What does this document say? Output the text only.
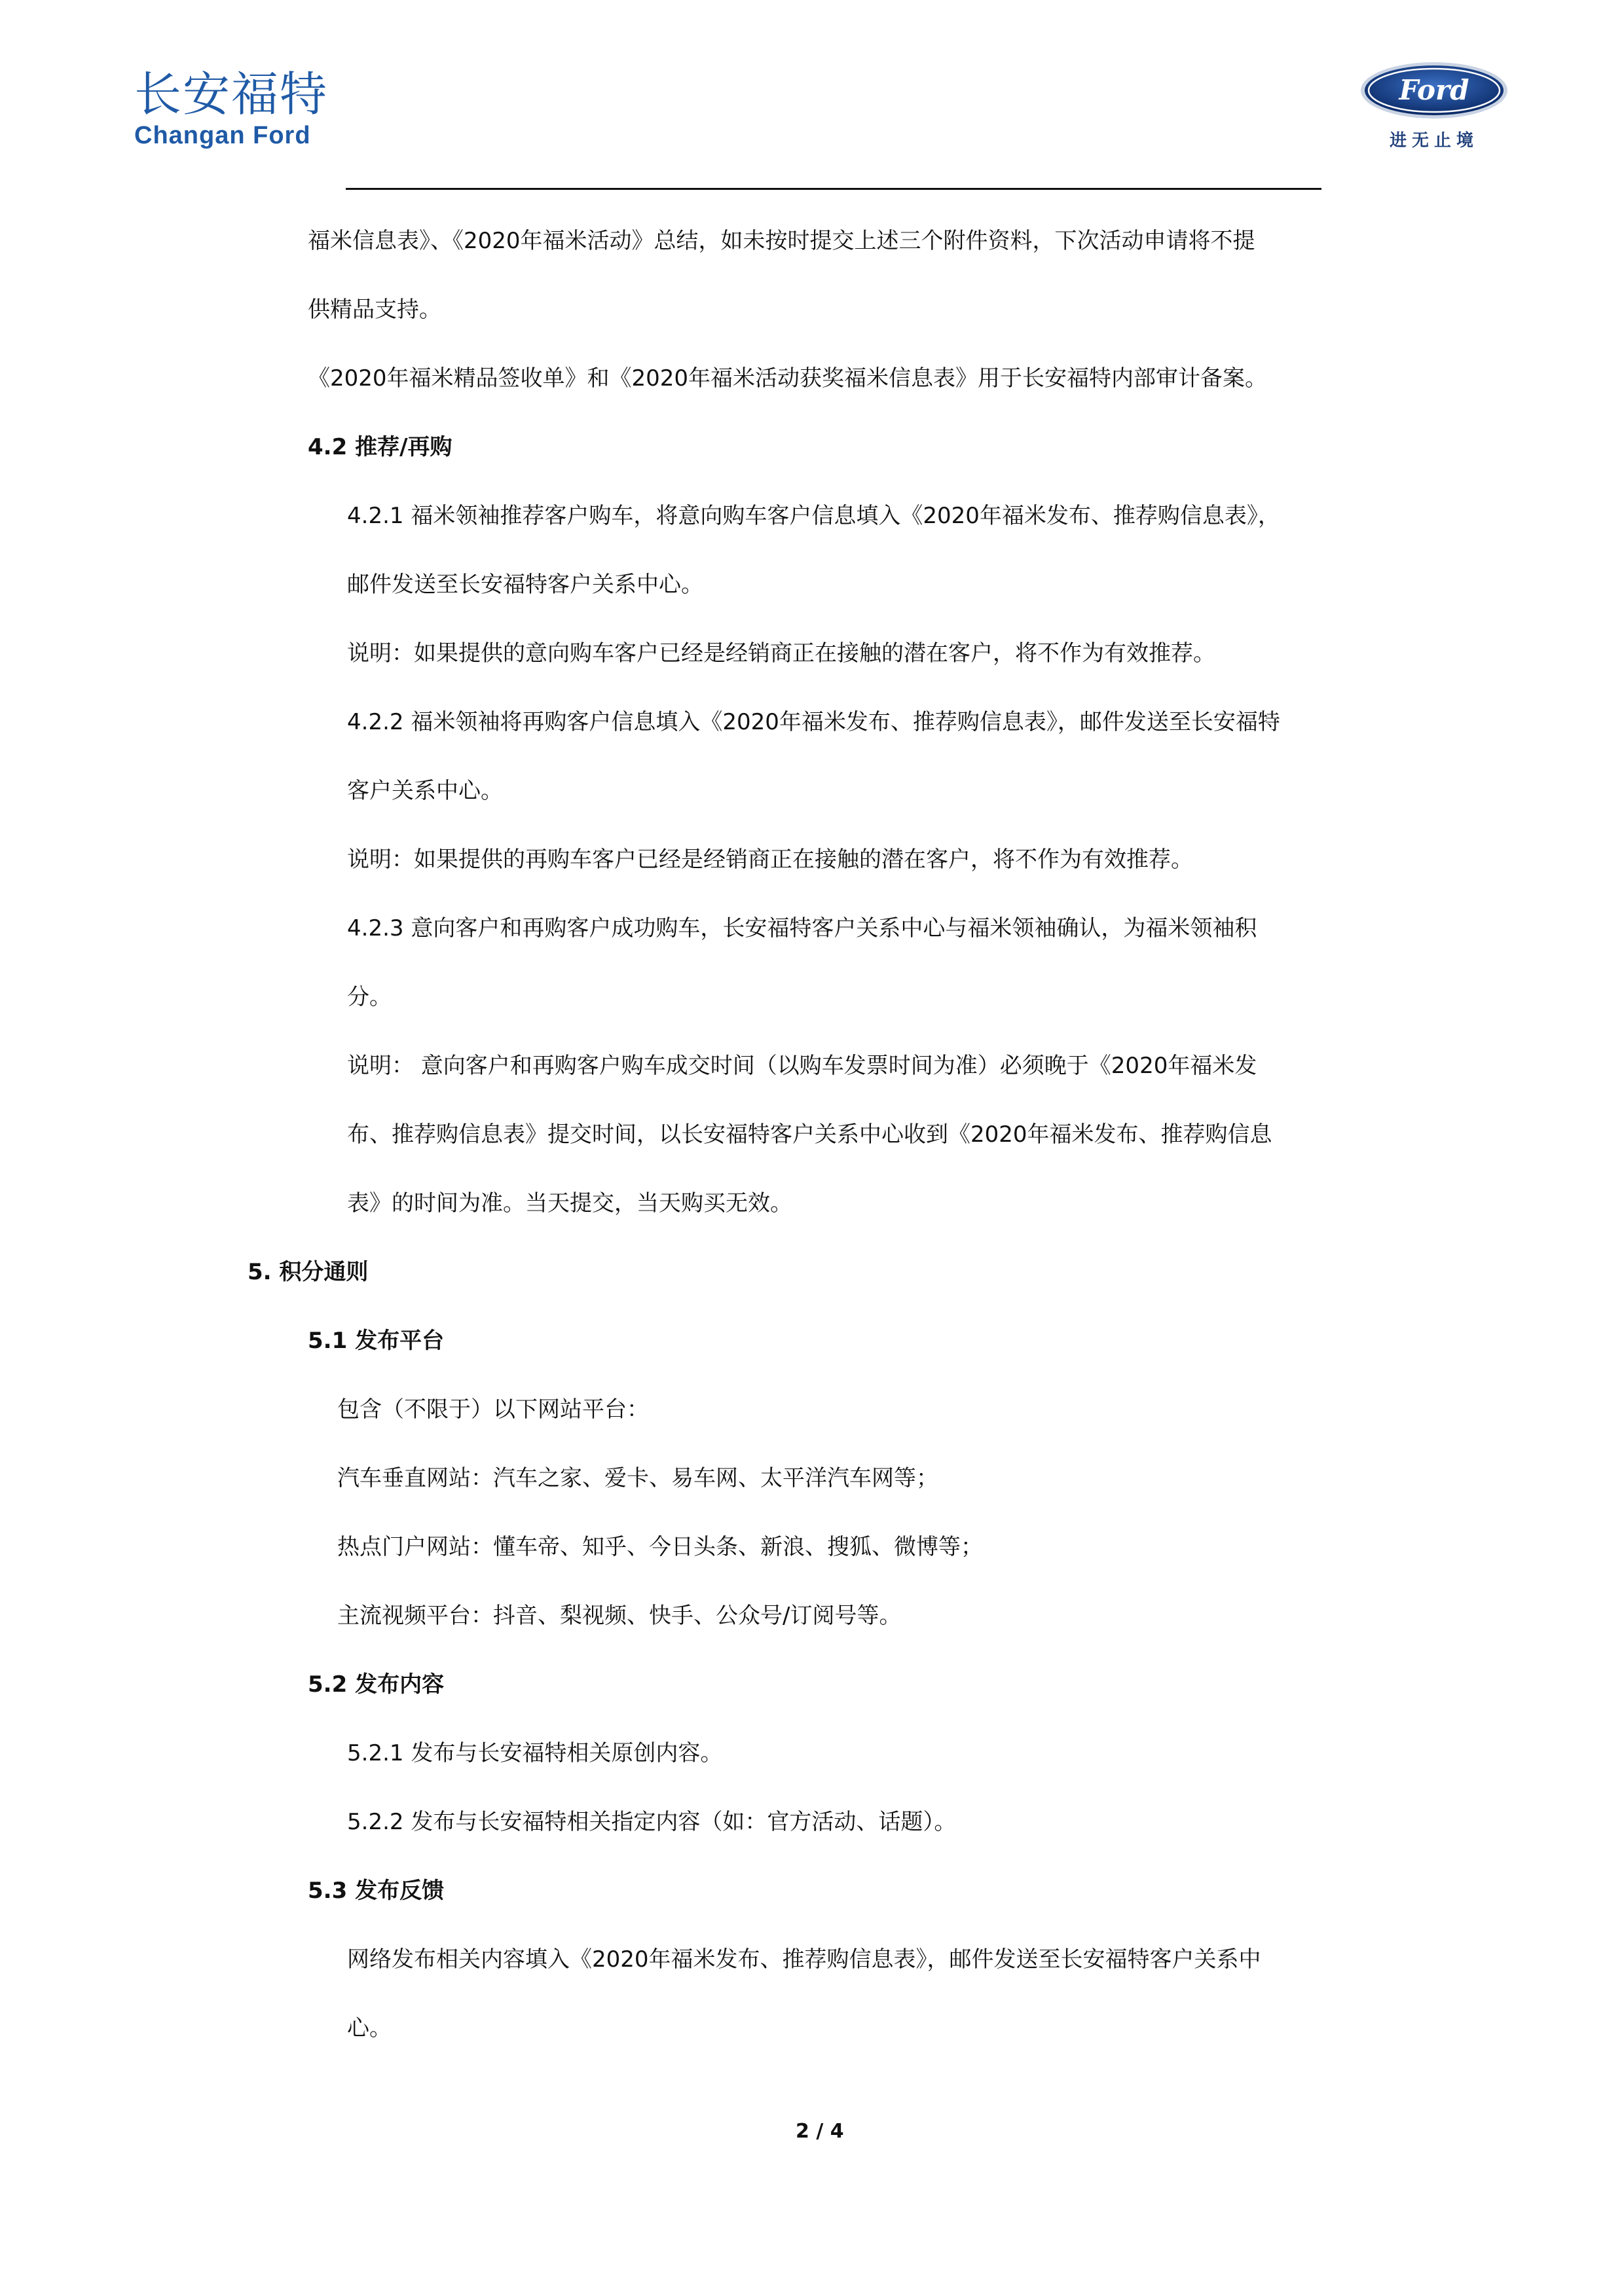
长安福特
Changan Ford
Ford
进无止境
福米信息表》、《2020年福米活动》总结，如未按时提交上述三个附件资料，下次活动申请将不提
供精品支持。
《2020年福米精品签收单》和《2020年福米活动获奖福米信息表》用于长安福特内部审计备案。
4.2 推荐/再购
4.2.1 福米领袖推荐客户购车，将意向购车客户信息填入《2020年福米发布、推荐购信息表》，
邮件发送至长安福特客户关系中心。
说明：如果提供的意向购车客户已经是经销商正在接触的潜在客户，将不作为有效推荐。
4.2.2 福米领袖将再购客户信息填入《2020年福米发布、推荐购信息表》，邮件发送至长安福特
客户关系中心。
说明：如果提供的再购车客户已经是经销商正在接触的潜在客户，将不作为有效推荐。
4.2.3 意向客户和再购客户成功购车，长安福特客户关系中心与福米领袖确认，为福米领袖积
分。
说明： 意向客户和再购客户购车成交时间（以购车发票时间为准）必须晚于《2020年福米发
布、推荐购信息表》提交时间，以长安福特客户关系中心收到《2020年福米发布、推荐购信息
表》的时间为准。当天提交，当天购买无效。
5. 积分通则
5.1 发布平台
包含（不限于）以下网站平台：
汽车垂直网站：汽车之家、爱卡、易车网、太平洋汽车网等；
热点门户网站：懂车帝、知乎、今日头条、新浪、搜狐、微博等；
主流视频平台：抖音、梨视频、快手、公众号/订阅号等。
5.2 发布内容
5.2.1 发布与长安福特相关原创内容。
5.2.2 发布与长安福特相关指定内容（如：官方活动、话题）。
5.3 发布反馈
网络发布相关内容填入《2020年福米发布、推荐购信息表》，邮件发送至长安福特客户关系中
心。
2 / 4
